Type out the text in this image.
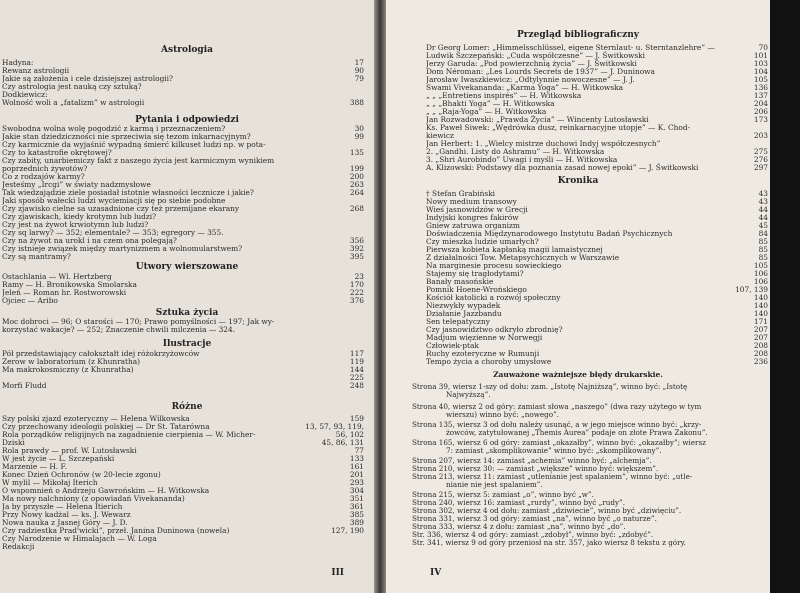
Astrologia
Hadyna:	17
Rewanz astrologii	90
Jakie są założenia i cele dzisiejszej astrologii?	79
Czy astrologia jest nauką czy sztuką?
Dodkiewicz:
Wolność woli a „fatalizm” w astrologii	388
Pytania i odpowiedzi
Swobodna wolna wolę pogodzić z karmą i przeznaczeniem?	30
Jakie stan dziedziczności nie sprzeciwia się tezom inkarnacyjnym?	99
Czy karmicznie da wyjaśnić wypadną śmierć kilkuset ludzi np. w pota-
Czy to katastrofie okrętowej?	135
Czy zabity, unarbiemiczy fakt z naszego życia jest karmicznym wynikiem
poprzednich żywotów?	199
Co z rodzajów karmy?	200
Jesteśmy „Ircgi” w światy nadzmysłowe	263
Tak wiedzajądzie ziele posiadał istotnie własności lecznicze i jakie?	264
Jaki sposób wałecki ludzi wyciemiacji się po siebie podobne
Czy zjawisko cielne sa uzasadnione czy też przemijane ekarany	268
Czy zjawiskach, kiedy krotymn lub ludzi?
Czy jest na żywot krwiotymn lub ludzi?
Czy sq larwy? — 352; elementale? — 353; egregory — 355.
Czy na żywot na urokl i na czem ona polegają?	356
Czy istnieje związek między martynizmem a wolnomularstwem?	392
Czy są mantramy?	395
Utwory wierszowane
Ostachlania — Wl. Hertzberg	23
Ramy — H. Bronikowska Smolarska	170
Jeleń — Roman hr. Rostworowski	222
Ojciec — Aribo	376
Sztuka życia
Moc dobroci — 96; O starości — 170; Prawo pomyślności — 197; Jak wy-
korzystać wakacje? — 252; Znaczenie chwili milczenia — 324.
Ilustracje
Pół przedstawiający całokształt idej różokrzyżowców	117
Zerow w laboratorium (z Khunratha)	119
Ma makrokosmiczny (z Khunratha)	144
225
Morfi Fludd	248
Różne
Szy polski zjazd ezoteryczny — Helena Wilkowska	159
Czy przechowany ideologii polskiej — Dr St. Tatarówna	13, 57, 93, 119,
Rola porządków religijnych na zagadnienie cierpienia — W. Micher-	56, 102
Dziski	45, 86, 131
Rola prawdy — prof. W. Lutosławski	77
W jest życie — L. Szczepański	133
Marzenie — H. F.	161
Konec Dzień Ochronów (w 20-lecie zgonu)	201
W mylil — Mikołaj Iterich	293
O wspomnień o Andrzeju Gawrońskim — H. Witkowska	304
Ma nowy nalchniony (z opowiadań Vivekananda)	351
Ja by przyszłe — Helena Itierich	361
Przy Nowy kadżal — ks. J. Wewarz	385
Nowa nauka z Jasnej Góry — J. D.	389
Czy radziestka Prad'wicki”, przeł. Janina Duninowa (nowela)	127, 190
Czy Narodzenie w Himalajach — W. Loga
Redakcji
III
Przegląd bibliograficzny
Dr Georg Lomer: „Himmelsschlüssel, eigene Sternlaut- u. Sterntanzlehre” —	70
Ludwik Szczepański: „Cuda współczesne” — J. Świtkowski	101
Jerzy Garuda: „Pod powierzchnią życia” — J. Świtkowski	103
Dom Néroman: „Les Lourds Secrets de 1937” — J. Duninowa	104
Jarosław Iwaszkiewicz: „Odtylynnie nowoczesne” — J. J.	105
Swami Vivekananda: „Karma Yoga” — H. Witkowska	136
„ „ „Entretiens inspirés” — H. Witkowska	137
„ „ „Bhakti Yoga” — H. Witkowska	204
„ „ „Raja-Yoga” — H. Witkowska	206
Jan Rozwadowski: „Prawda Życia” — Wincenty Lutosławski	173
Ks. Paweł Siwek: „Wędrówka dusz, reinkarnacyjne utopje” — K. Chod-
kiewicz	203
Jan Herbert: 1. „Wielcy mistrze duchowi Indyj współczesnych”
2. „Gandhi. Listy do Ashramu” — H. Witkowska	275
3. „Shri Aurobindo” Uwagi i myśli — H. Witkowska	276
A. Klizowski: Podstawy dla poznania zasad nowej epoki” — J. Świtkowski	297
Kronika
† Stefan Grabiński	43
Nowy medium transowy	43
Wieś jasnowidzów w Grecji	44
Indyjski kongres fakirów	44
Gniew zatruwa organizm	45
Doświadczenia Międzynarodowego Instytutu Badań Psychicznych	84
Czy mieszka ludzie umarłych?	85
Pierwsza kobieta kapłanką magii lamaistycznej	85
Z działalności Tow. Metapsychicznych w Warszawie	85
Na marginesie procesu sowieckiego	105
Stajemy się tragłodytami?	106
Banały masońskie	106
Pomnik Hoene-Wrońskiego	107, 139
Kościół katolicki a rozwój społeczny	140
Niezwykły wypadek	140
Działanie Jazzbandu	140
Sen telepatyczny	171
Czy jasnowidztwo odkryło zbrodnię?	207
Madjum więzienne w Norwegji	207
Człowiek-ptak	208
Ruchy ezoteryczne w Rumunji	208
Tempo życia a choroby umysłowe	236
Zauważone ważniejsze błędy drukarskie.
Strona 39, wiersz 1-szy od dołu: zam. „Istotę Najniższą”, winno być: „Istotę
Najwyższą”.
Strona 40, wiersz 2 od góry: zamiast słowa „naszego” (dwa razy użytego w tym
wierszu) winno być: „nowego”.
Strona 135, wiersz 3 od dołu należy usunąć, a w jego miejsce winno być: „krzy-
żowców, zatytułowanej „Themis Aurea” podaje on złote Prawa Zakonu”.
Strona 165, wiersz 6 od góry: zamiast „okazałby”, winno być: „okazałby”; wiersz
7: zamiast „skomplikowanie” winno być: „skomplikowany”.
Strona 207, wiersz 14: zamiast „achemia” winno być: „alchemja”.
Strona 210, wiersz 30: — zamiast „większe” winno być: większem”.
Strona 213, wiersz 11: zamiast „utlenianie jest spalaniem”, winno być: „utle-
nianie nie jest spalaniem”.
Strona 215, wiersz 5: zamiast „o”, winno być „w”.
Strona 240, wiersz 16: zamiast „rurdy”, winno być „rudy”.
Strona 302, wiersz 4 od dołu: zamiast „dziwiecie”, winno być „dziwięciu”.
Strona 331, wiersz 3 od góry: zamiast „na”, winno być „o naturze”.
Strona 333, wiersz 4 z dołu: zamiast „na”, winno być „do”.
Str. 336, wiersz 4 od góry: zamiast „zdobył”, winno być: „zdobyć”.
Str. 341, wiersz 9 od góry przeniosł na str. 357, jako wiersz 8 tekstu z góry.
IV
